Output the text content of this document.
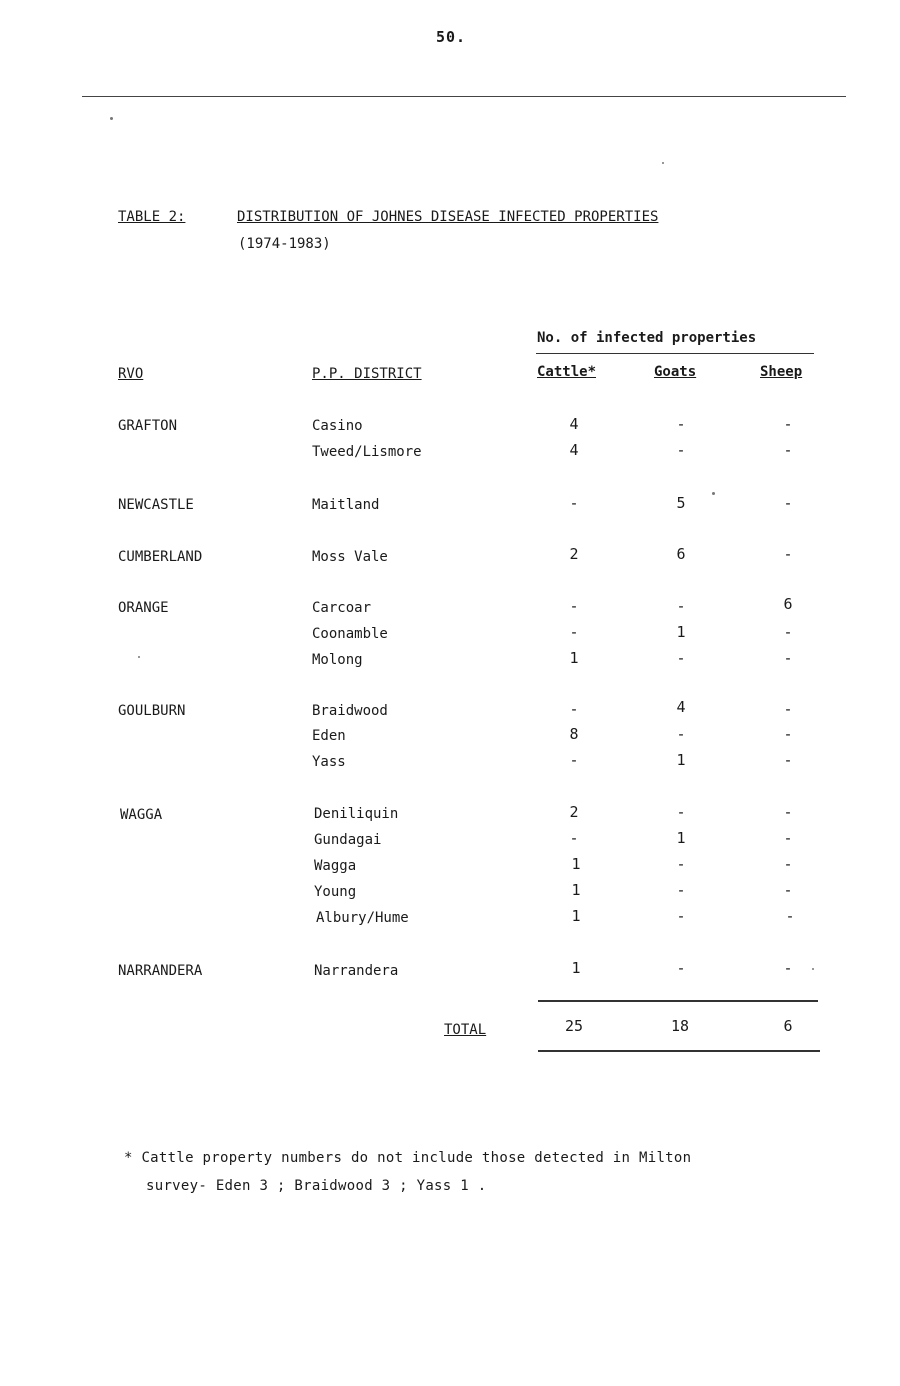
50.
TABLE 2:	DISTRIBUTION OF JOHNES DISEASE INFECTED PROPERTIES
(1974-1983)
No. of infected properties
RVO	P.P. DISTRICT	Cattle*	Goats	Sheep
GRAFTON	Casino	4	-	-
Tweed/Lismore	4	-	-
NEWCASTLE	Maitland	-	5	-
CUMBERLAND	Moss Vale	2	6	-
ORANGE	Carcoar	-	-	6
Coonamble	-	1	-
Molong	1	-	-
GOULBURN	Braidwood	-	4	-
Eden	8	-	-
Yass	-	1	-
WAGGA	Deniliquin	2	-	-
Gundagai	-	1	-
Wagga	1	-	-
Young	1	-	-
Albury/Hume	1	-	-
NARRANDERA	Narrandera	1	-	-
TOTAL	25	18	6
* Cattle property numbers do not include those detected in Milton
survey- Eden 3 ; Braidwood 3 ; Yass 1 .
